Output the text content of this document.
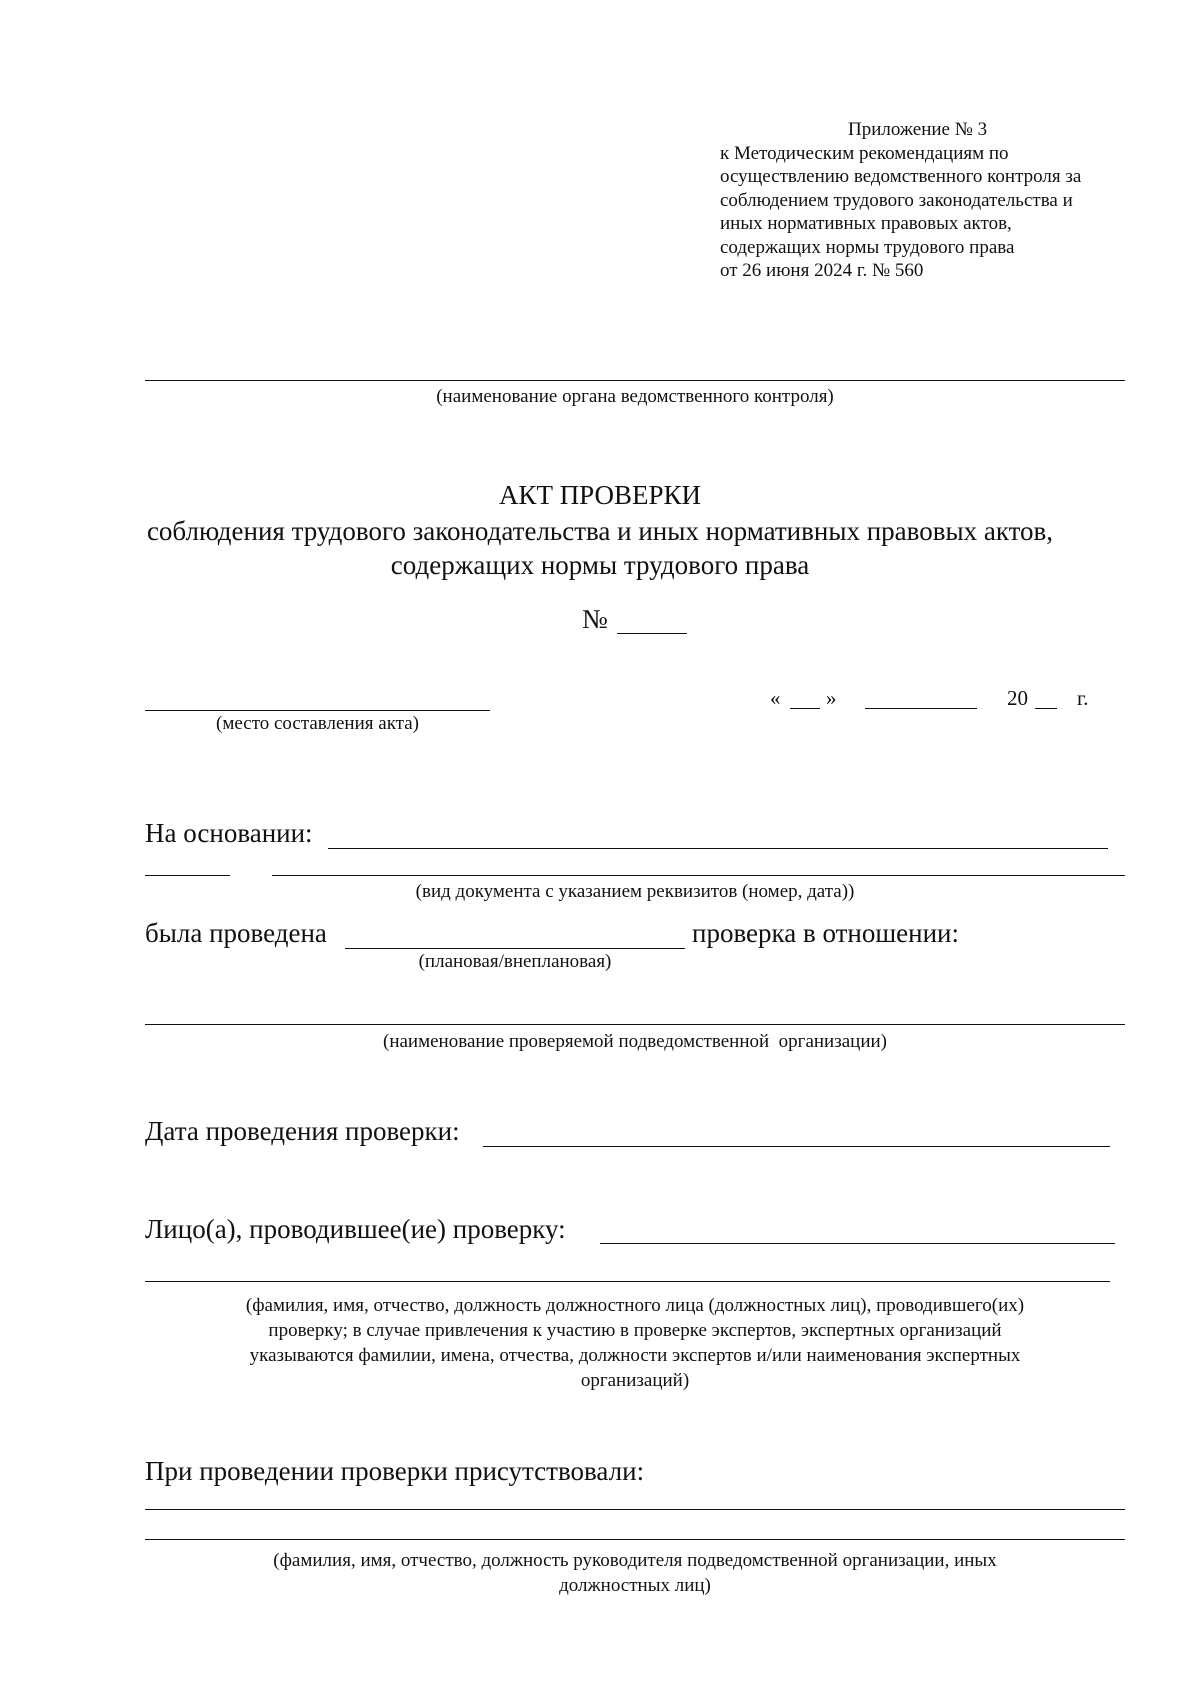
Приложение № 3
к Методическим рекомендациям по
осуществлению ведомственного контроля за
соблюдением трудового законодательства и
иных нормативных правовых актов,
содержащих нормы трудового права
от 26 июня 2024 г. № 560
(наименование органа ведомственного контроля)
АКТ ПРОВЕРКИ
соблюдения трудового законодательства и иных нормативных правовых актов,
содержащих нормы трудового права
№
(место составления акта)
« »	20 г.
На основании:
(вид документа с указанием реквизитов (номер, дата))
была проведена	проверка в отношении:
(плановая/внеплановая)
(наименование проверяемой подведомственной  организации)
Дата проведения проверки:
Лицо(а), проводившее(ие) проверку:
(фамилия, имя, отчество, должность должностного лица (должностных лиц), проводившего(их)
проверку; в случае привлечения к участию в проверке экспертов, экспертных организаций
указываются фамилии, имена, отчества, должности экспертов и/или наименования экспертных
организаций)
При проведении проверки присутствовали:
(фамилия, имя, отчество, должность руководителя подведомственной организации, иных
должностных лиц)
